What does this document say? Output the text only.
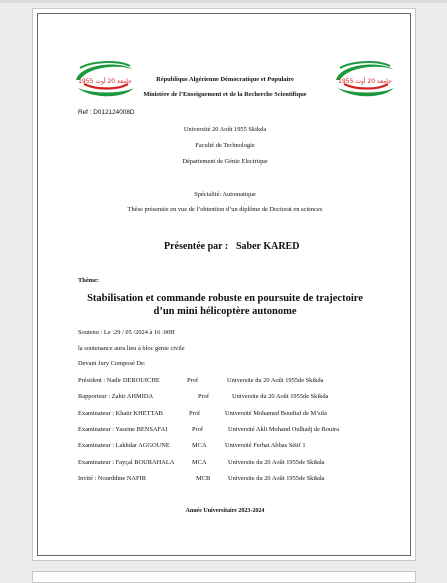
جامعة 20 أوت 1955	جامعة 20 أوت 1955
République Algérienne Démocratique et Populaire
Ministère de l’Enseignement et de la Recherche Scientifique
Ref : D012124008D
Université 20 Août 1955 Skikda
Faculté de Technologie
Département de Génie Electrique
Spécialité: Automatique
Thèse présentée en vue de l’obtention d’un diplôme de Doctorat en sciences
Présentée par : Saber KARED
Thème:
Stabilisation et commande robuste en poursuite de trajectoire
d’un mini hélicoptère autonome
Soutenu : Le :29 / 05 /2024 à 16 :00H
la soutenance aura lieu à bloc genie civile
Devant Jury Composé De:
Président : Nadir DEROUICHE	Prof	Universite du 20 Août 1955de Skikda
Rapporteur : Zahir AHMIDA	Prof	Universite du 20 Août 1955de Skikda
Examinateur : Khatir KHETTAB	Prof	Université Mohamed Boudiaf de M’sila
Examinateur : Yassine BENSAFAI	Prof	Université Akli Mohand Oulhadj de Bouira
Examinateur : Lakhdar AGGOUNE	MCA	Université Ferhat Abbas Sétif 1
Examinateur : Fayçal BOURAHALA	MCA	Universite du 20 Août 1955de Skikda
Invité : Nourddine NAFIR	MCB	Universite du 20 Août 1955de Skikda
Année Universitaire 2023-2024
